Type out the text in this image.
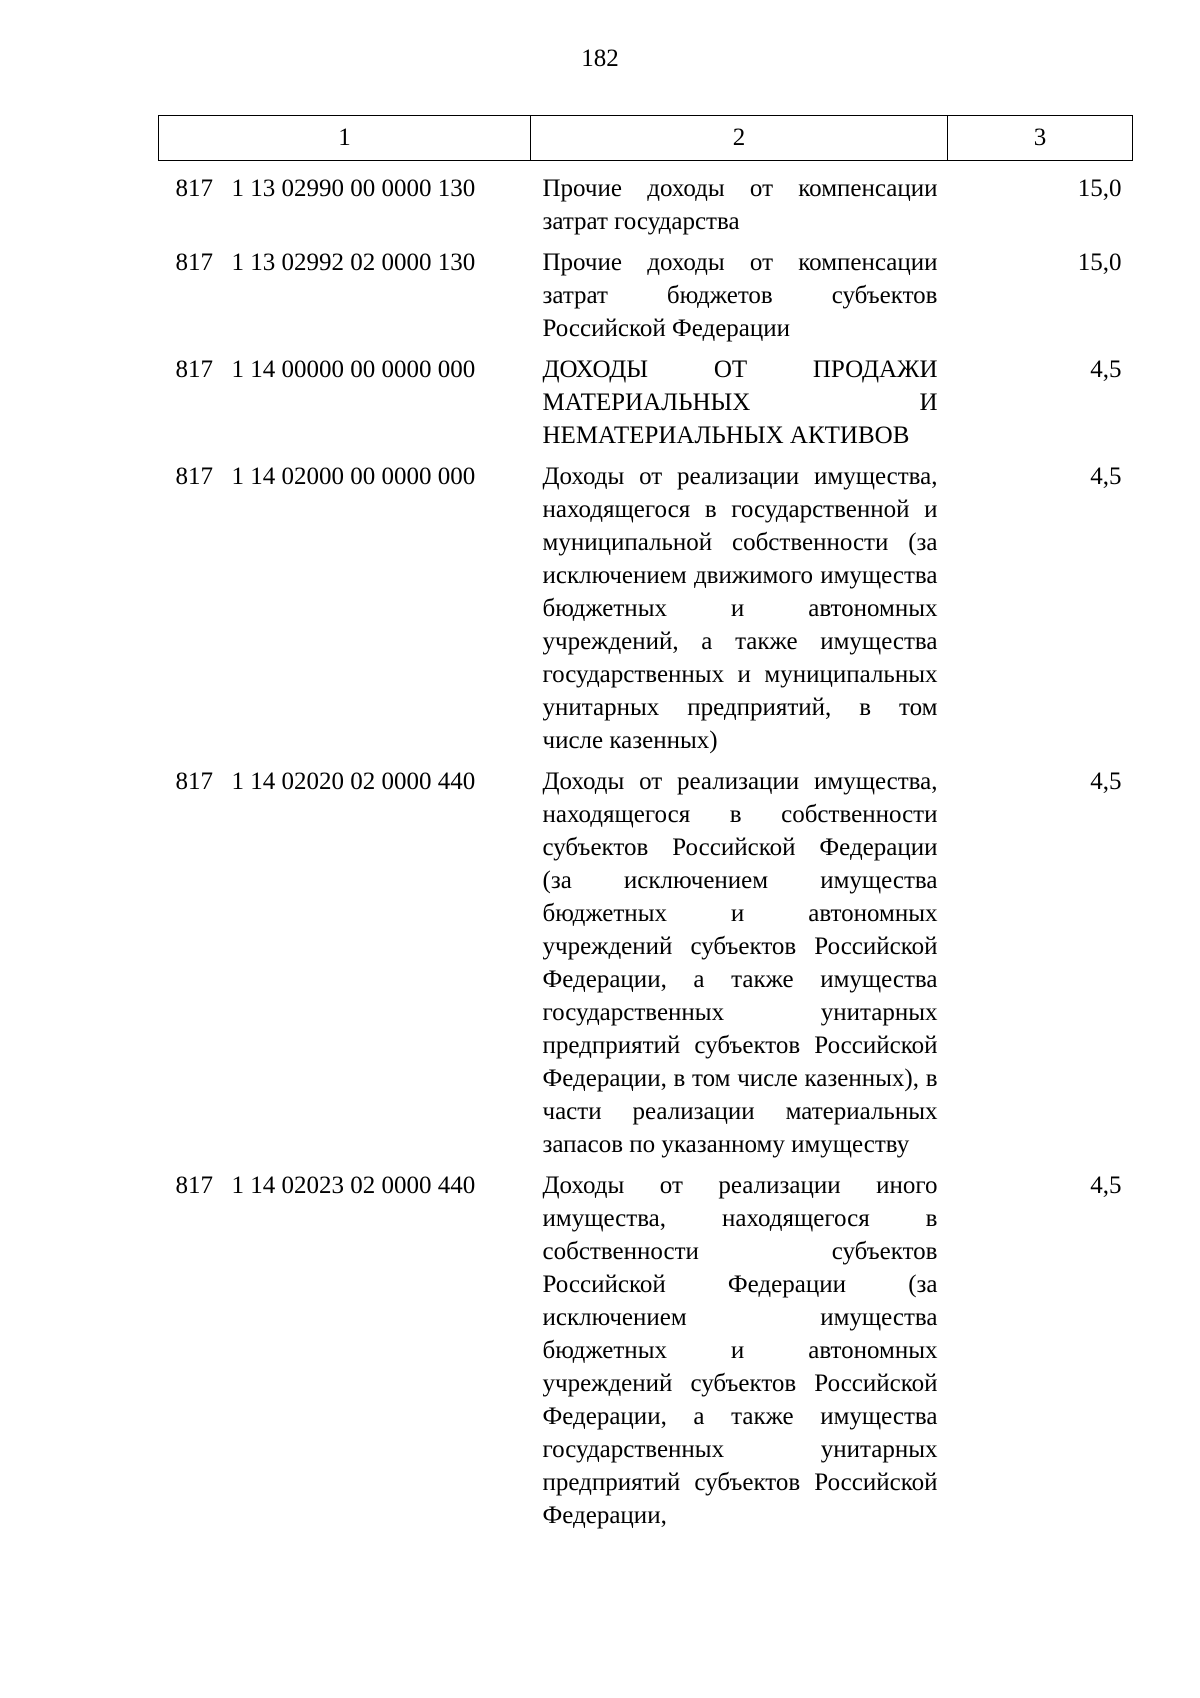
182
1	2	3
817 1 13 02990 00 0000 130	Прочие доходы от компенсации затрат государства	15,0
817 1 13 02992 02 0000 130	Прочие доходы от компенсации затрат бюджетов субъектов Российской Федерации	15,0
817 1 14 00000 00 0000 000	ДОХОДЫ ОТ ПРОДАЖИ МАТЕРИАЛЬНЫХ И НЕМАТЕРИАЛЬНЫХ АКТИВОВ	4,5
817 1 14 02000 00 0000 000	Доходы от реализации имущества, находящегося в государственной и муниципальной собственности (за исключением движимого имущества бюджетных и автономных учреждений, а также имущества государственных и муниципальных унитарных предприятий, в том числе казенных)	4,5
817 1 14 02020 02 0000 440	Доходы от реализации имущества, находящегося в собственности субъектов Российской Федерации (за исключением имущества бюджетных и автономных учреждений субъектов Российской Федерации, а также имущества государственных унитарных предприятий субъектов Российской Федерации, в том числе казенных), в части реализации материальных запасов по указанному имуществу	4,5
817 1 14 02023 02 0000 440	Доходы от реализации иного имущества, находящегося в собственности субъектов Российской Федерации (за исключением имущества бюджетных и автономных учреждений субъектов Российской Федерации, а также имущества государственных унитарных предприятий субъектов Российской Федерации,	4,5
